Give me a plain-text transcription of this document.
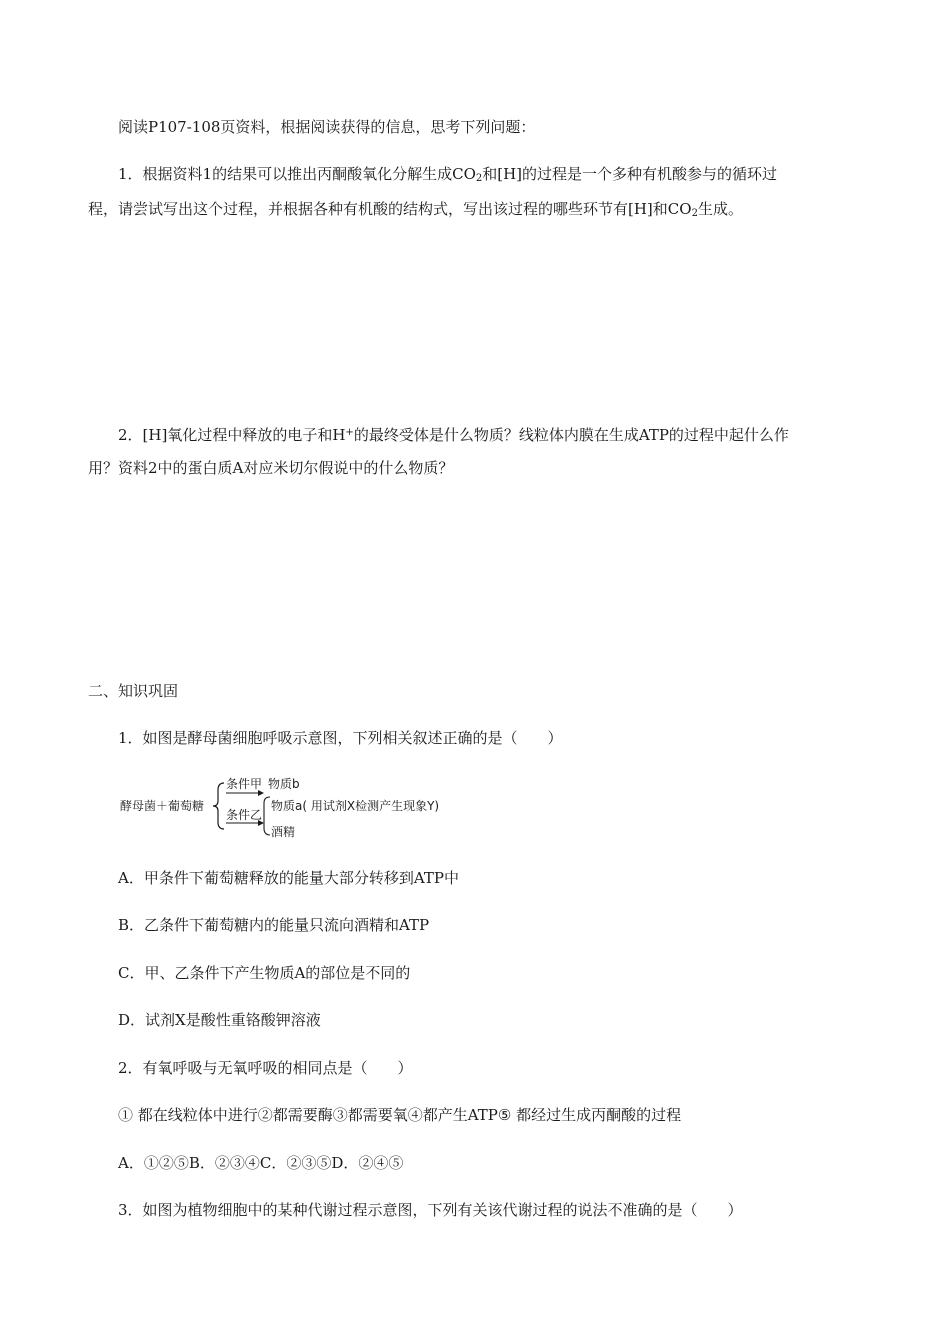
阅读P107-108页资料，根据阅读获得的信息，思考下列问题：
1．根据资料1的结果可以推出丙酮酸氧化分解生成$CO_2$和[H]的过程是一个多种有机酸参与的循环过
程，请尝试写出这个过程，并根据各种有机酸的结构式，写出该过程的哪些环节有[H]和$CO_2$生成。
2．[H]氧化过程中释放的电子和H+的最终受体是什么物质？线粒体内膜在生成ATP的过程中起什么作
用？资料2中的蛋白质A对应米切尔假说中的什么物质？
二、知识巩固
1．如图是酵母菌细胞呼吸示意图，下列相关叙述正确的是（　　）
酵母菌＋葡萄糖
条件甲
条件乙
物质b
物质a( 用试剂X检测产生现象Y)
酒精
A．甲条件下葡萄糖释放的能量大部分转移到ATP中
B．乙条件下葡萄糖内的能量只流向酒精和ATP
C．甲、乙条件下产生物质A的部位是不同的
D．试剂X是酸性重铬酸钾溶液
2．有氧呼吸与无氧呼吸的相同点是（　　）
① 都在线粒体中进行②都需要酶③都需要氧④都产生ATP⑤ 都经过生成丙酮酸的过程
A．①②⑤B．②③④C．②③⑤D．②④⑤
3．如图为植物细胞中的某种代谢过程示意图，下列有关该代谢过程的说法不准确的是（　　）
